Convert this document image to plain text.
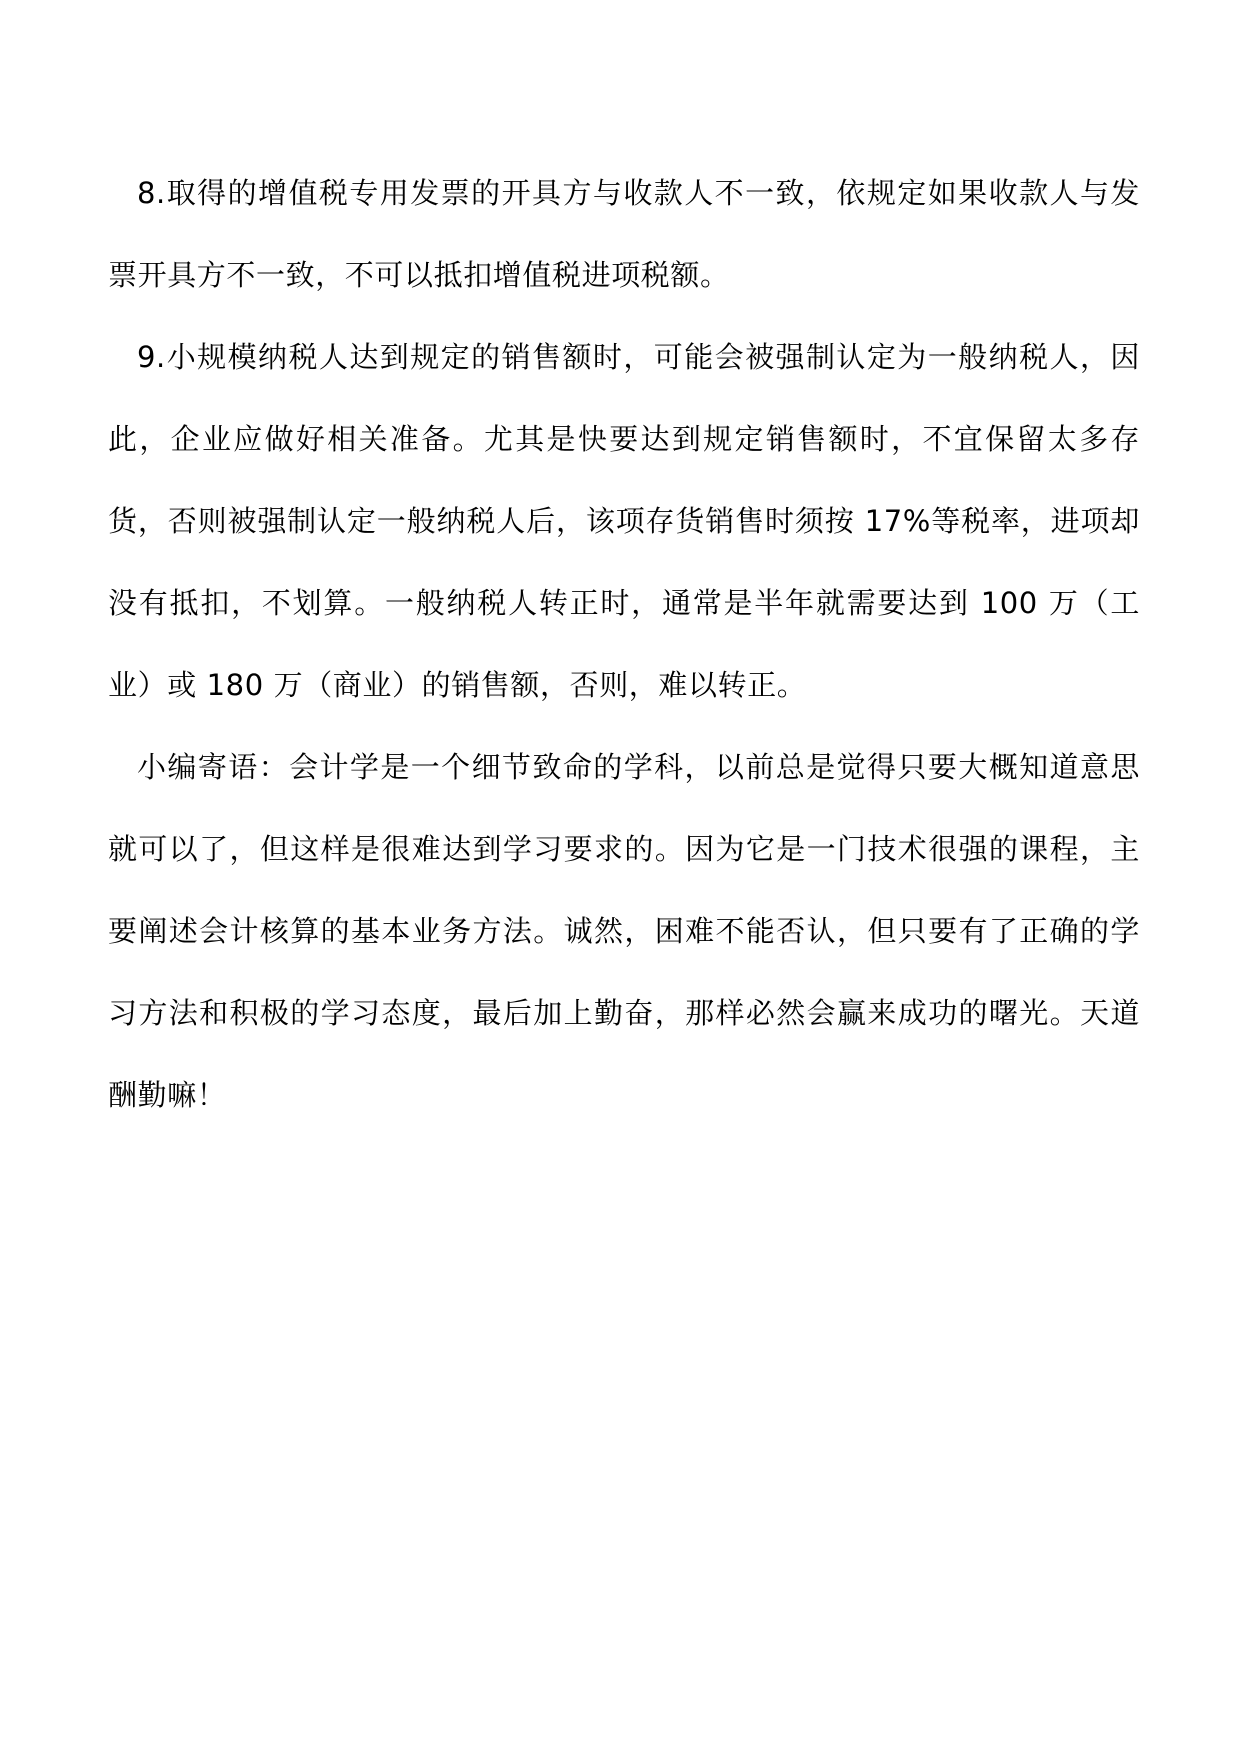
8.取得的增值税专用发票的开具方与收款人不一致，依规定如果收款人与发票开具方不一致，不可以抵扣增值税进项税额。

9.小规模纳税人达到规定的销售额时，可能会被强制认定为一般纳税人，因此，企业应做好相关准备。尤其是快要达到规定销售额时，不宜保留太多存货，否则被强制认定一般纳税人后，该项存货销售时须按 17%等税率，进项却没有抵扣，不划算。一般纳税人转正时，通常是半年就需要达到 100 万（工业）或 180 万（商业）的销售额，否则，难以转正。

小编寄语：会计学是一个细节致命的学科，以前总是觉得只要大概知道意思就可以了，但这样是很难达到学习要求的。因为它是一门技术很强的课程，主要阐述会计核算的基本业务方法。诚然，困难不能否认，但只要有了正确的学习方法和积极的学习态度，最后加上勤奋，那样必然会赢来成功的曙光。天道酬勤嘛！
